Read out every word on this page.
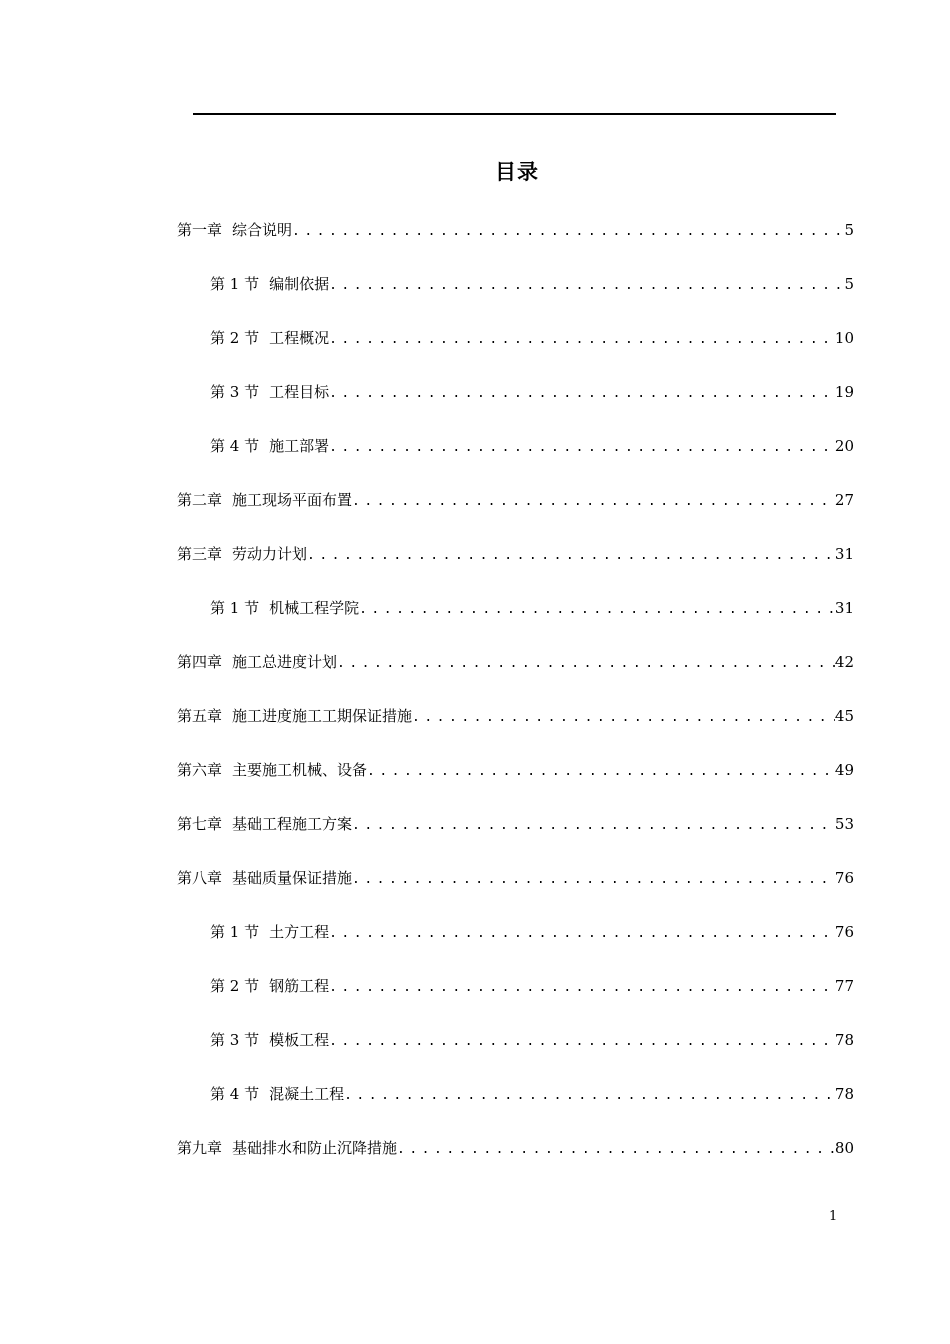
目录
第一章 综合说明 .....	5
第 1 节 编制依据 .....	5
第 2 节 工程概况 .....	10
第 3 节 工程目标 .....	19
第 4 节 施工部署 .....	20
第二章 施工现场平面布置 .....	27
第三章 劳动力计划 .....	31
第 1 节 机械工程学院 .....	31
第四章 施工总进度计划 .....	42
第五章 施工进度施工工期保证措施 .....	45
第六章 主要施工机械、设备 .....	49
第七章 基础工程施工方案 .....	53
第八章 基础质量保证措施 .....	76
第 1 节 土方工程 .....	76
第 2 节 钢筋工程 .....	77
第 3 节 模板工程 .....	78
第 4 节 混凝土工程 .....	78
第九章 基础排水和防止沉降措施 .....	80
1
